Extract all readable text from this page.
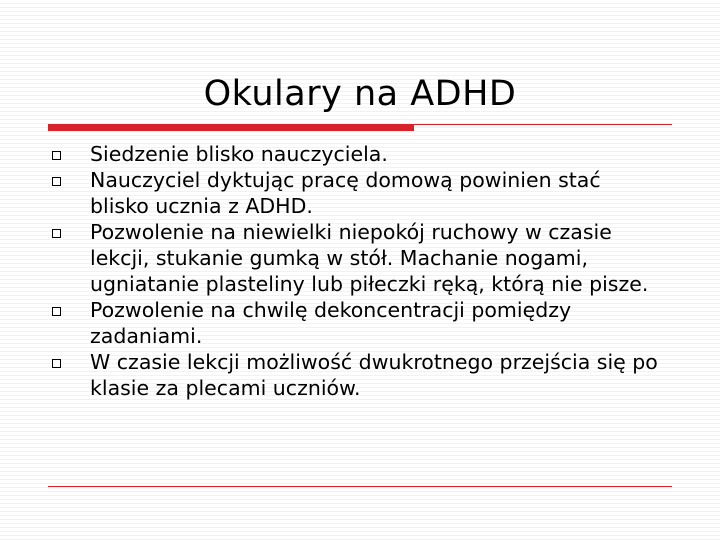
Okulary na ADHD
Siedzenie blisko nauczyciela.
Nauczyciel dyktując pracę domową powinien stać blisko ucznia z ADHD.
Pozwolenie na niewielki niepokój ruchowy w czasie lekcji, stukanie gumką w stół. Machanie nogami, ugniatanie plasteliny lub piłeczki ręką, którą nie pisze.
Pozwolenie na chwilę dekoncentracji pomiędzy zadaniami.
W czasie lekcji możliwość dwukrotnego przejścia się po klasie za plecami uczniów.
